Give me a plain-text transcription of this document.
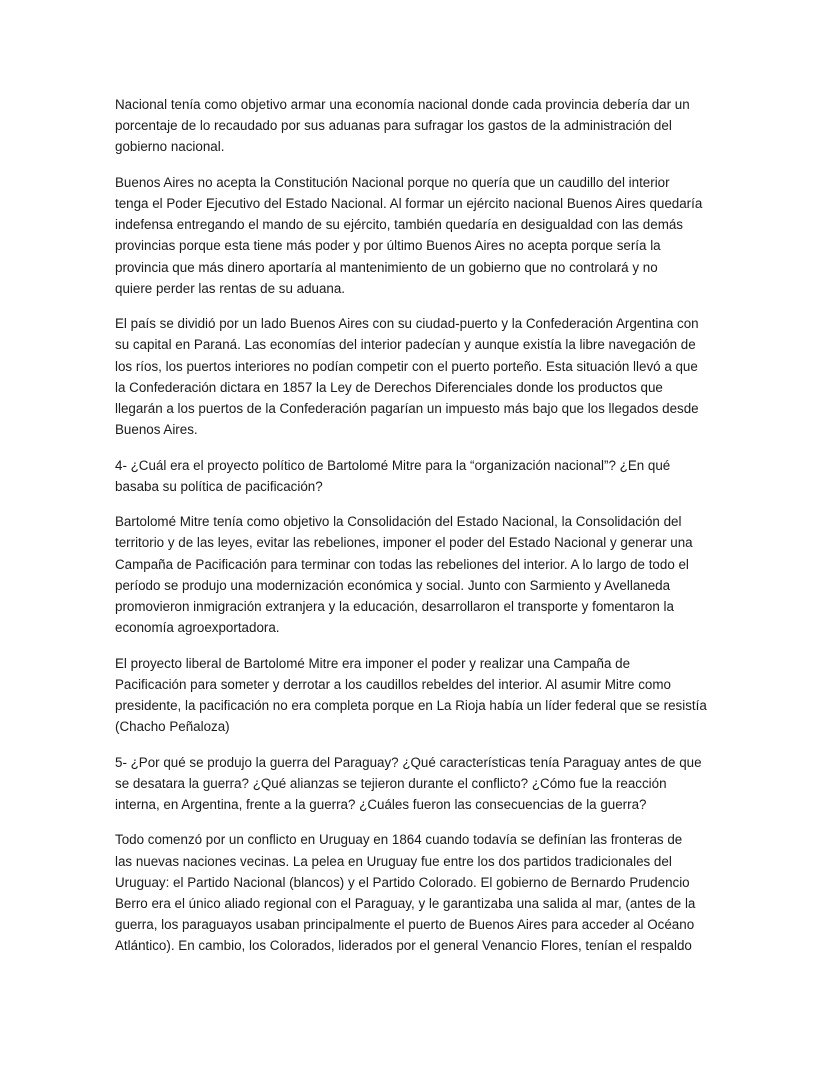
Nacional tenía como objetivo armar una economía nacional donde cada provincia debería dar un
porcentaje de lo recaudado por sus aduanas para sufragar los gastos de la administración del
gobierno nacional.

Buenos Aires no acepta la Constitución Nacional porque no quería que un caudillo del interior
tenga el Poder Ejecutivo del Estado Nacional. Al formar un ejército nacional Buenos Aires quedaría
indefensa entregando el mando de su ejército, también quedaría en desigualdad con las demás
provincias porque esta tiene más poder y por último Buenos Aires no acepta porque sería la
provincia que más dinero aportaría al mantenimiento de un gobierno que no controlará y no
quiere perder las rentas de su aduana.

El país se dividió por un lado Buenos Aires con su ciudad-puerto y la Confederación Argentina con
su capital en Paraná. Las economías del interior padecían y aunque existía la libre navegación de
los ríos, los puertos interiores no podían competir con el puerto porteño. Esta situación llevó a que
la Confederación dictara en 1857 la Ley de Derechos Diferenciales donde los productos que
llegarán a los puertos de la Confederación pagarían un impuesto más bajo que los llegados desde
Buenos Aires.

4- ¿Cuál era el proyecto político de Bartolomé Mitre para la “organización nacional”? ¿En qué
basaba su política de pacificación?

Bartolomé Mitre tenía como objetivo la Consolidación del Estado Nacional, la Consolidación del
territorio y de las leyes, evitar las rebeliones, imponer el poder del Estado Nacional y generar una
Campaña de Pacificación para terminar con todas las rebeliones del interior. A lo largo de todo el
período se produjo una modernización económica y social. Junto con Sarmiento y Avellaneda
promovieron inmigración extranjera y la educación, desarrollaron el transporte y fomentaron la
economía agroexportadora.

El proyecto liberal de Bartolomé Mitre era imponer el poder y realizar una Campaña de
Pacificación para someter y derrotar a los caudillos rebeldes del interior. Al asumir Mitre como
presidente, la pacificación no era completa porque en La Rioja había un líder federal que se resistía
(Chacho Peñaloza)

5- ¿Por qué se produjo la guerra del Paraguay? ¿Qué características tenía Paraguay antes de que
se desatara la guerra? ¿Qué alianzas se tejieron durante el conflicto? ¿Cómo fue la reacción
interna, en Argentina, frente a la guerra? ¿Cuáles fueron las consecuencias de la guerra?

Todo comenzó por un conflicto en Uruguay en 1864 cuando todavía se definían las fronteras de
las nuevas naciones vecinas. La pelea en Uruguay fue entre los dos partidos tradicionales del
Uruguay: el Partido Nacional (blancos) y el Partido Colorado. El gobierno de Bernardo Prudencio
Berro era el único aliado regional con el Paraguay, y le garantizaba una salida al mar, (antes de la
guerra, los paraguayos usaban principalmente el puerto de Buenos Aires para acceder al Océano
Atlántico). En cambio, los Colorados, liderados por el general Venancio Flores, tenían el respaldo
